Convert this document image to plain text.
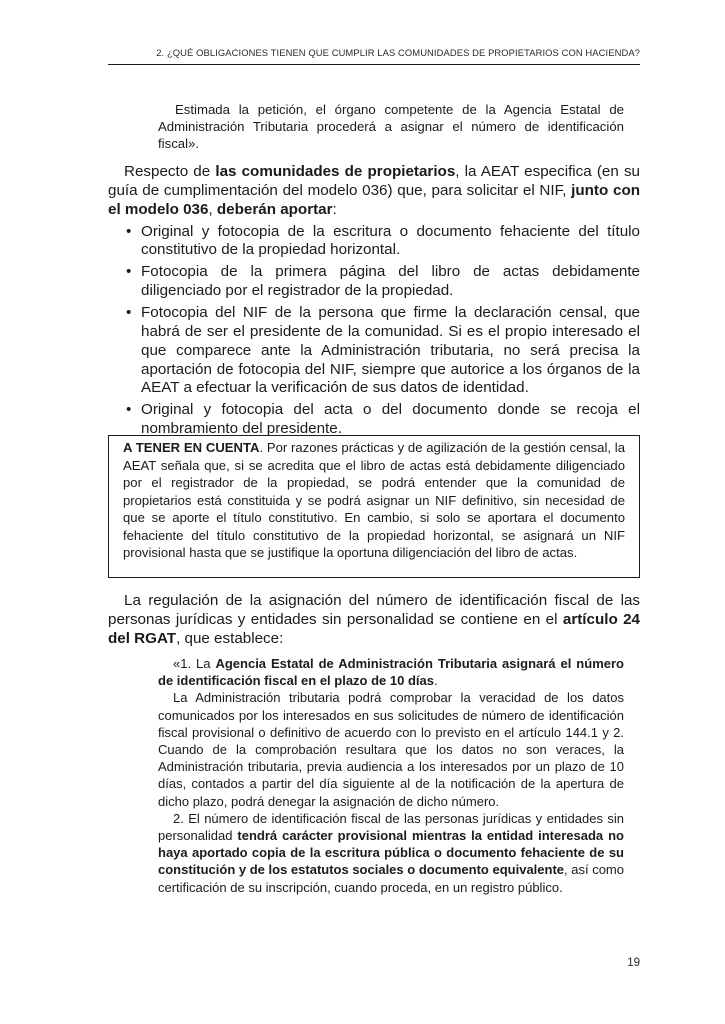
2. ¿QUÉ OBLIGACIONES TIENEN QUE CUMPLIR LAS COMUNIDADES DE PROPIETARIOS CON HACIENDA?
Estimada la petición, el órgano competente de la Agencia Estatal de Administración Tributaria procederá a asignar el número de identificación fiscal».

Respecto de las comunidades de propietarios, la AEAT especifica (en su guía de cumplimentación del modelo 036) que, para solicitar el NIF, junto con el modelo 036, deberán aportar:

• Original y fotocopia de la escritura o documento fehaciente del título constitutivo de la propiedad horizontal.
• Fotocopia de la primera página del libro de actas debidamente diligenciado por el registrador de la propiedad.
• Fotocopia del NIF de la persona que firme la declaración censal, que habrá de ser el presidente de la comunidad. Si es el propio interesado el que comparece ante la Administración tributaria, no será precisa la aportación de fotocopia del NIF, siempre que autorice a los órganos de la AEAT a efectuar la verificación de sus datos de identidad.
• Original y fotocopia del acta o del documento donde se recoja el nombramiento del presidente.
A TENER EN CUENTA. Por razones prácticas y de agilización de la gestión censal, la AEAT señala que, si se acredita que el libro de actas está debidamente diligenciado por el registrador de la propiedad, se podrá entender que la comunidad de propietarios está constituida y se podrá asignar un NIF definitivo, sin necesidad de que se aporte el título constitutivo. En cambio, si solo se aportara el documento fehaciente del título constitutivo de la propiedad horizontal, se asignará un NIF provisional hasta que se justifique la oportuna diligenciación del libro de actas.

La regulación de la asignación del número de identificación fiscal de las personas jurídicas y entidades sin personalidad se contiene en el artículo 24 del RGAT, que establece:

«1. La Agencia Estatal de Administración Tributaria asignará el número de identificación fiscal en el plazo de 10 días.

La Administración tributaria podrá comprobar la veracidad de los datos comunicados por los interesados en sus solicitudes de número de identificación fiscal provisional o definitivo de acuerdo con lo previsto en el artículo 144.1 y 2. Cuando de la comprobación resultara que los datos no son veraces, la Administración tributaria, previa audiencia a los interesados por un plazo de 10 días, contados a partir del día siguiente al de la notificación de la apertura de dicho plazo, podrá denegar la asignación de dicho número.

2. El número de identificación fiscal de las personas jurídicas y entidades sin personalidad tendrá carácter provisional mientras la entidad interesada no haya aportado copia de la escritura pública o documento fehaciente de su constitución y de los estatutos sociales o documento equivalente, así como certificación de su inscripción, cuando proceda, en un registro público.

19
